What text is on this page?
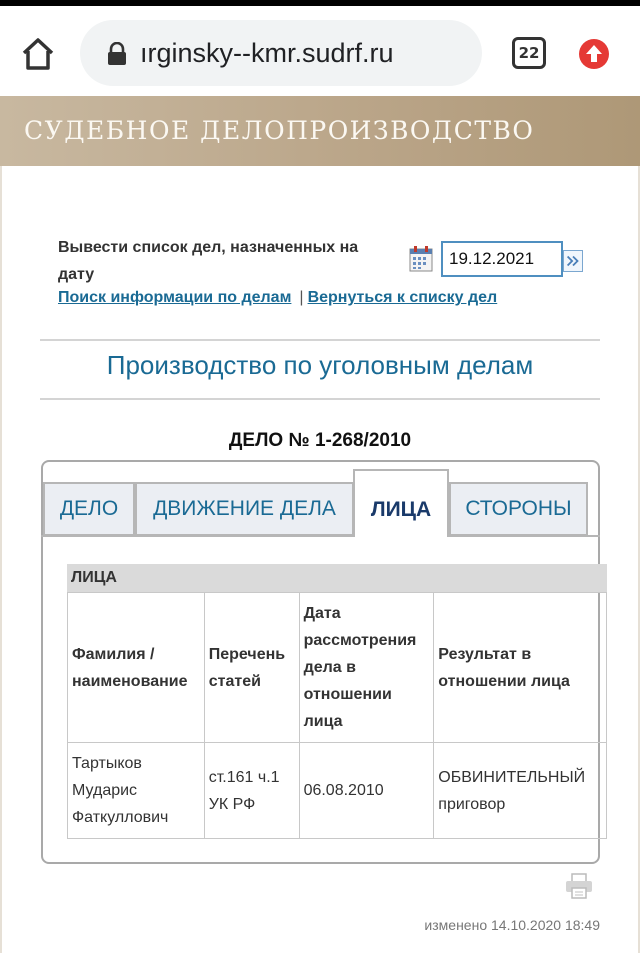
ırginsky--kmr.sudrf.ru	22
СУДЕБНОЕ ДЕЛОПРОИЗВОДСТВО
Вывести список дел, назначенных на дату
19.12.2021
Поиск информации по делам | Вернуться к списку дел
Производство по уголовным делам
ДЕЛО № 1-268/2010
ДЕЛО	ДВИЖЕНИЕ ДЕЛА	ЛИЦА	СТОРОНЫ
ЛИЦА
Фамилия / наименование	Перечень статей	Дата рассмотрения дела в отношении лица	Результат в отношении лица
Тартыков Мударис Фаткуллович	ст.161 ч.1 УК РФ	06.08.2010	ОБВИНИТЕЛЬНЫЙ приговор
изменено 14.10.2020 18:49
